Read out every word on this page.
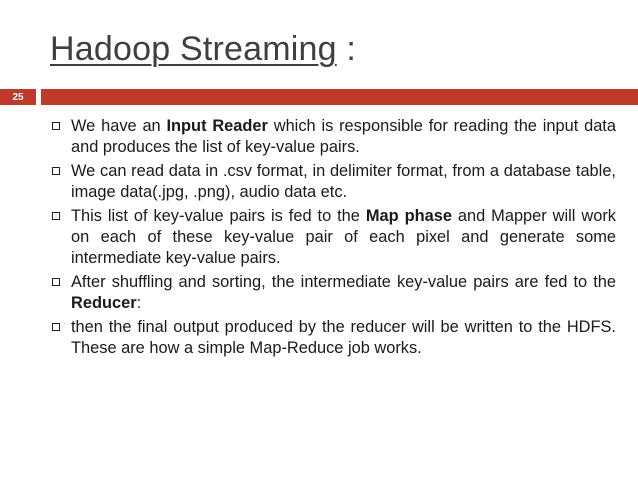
Hadoop Streaming :
25
We have an Input Reader which is responsible for reading the input data and produces the list of key-value pairs.
We can read data in .csv format, in delimiter format, from a database table, image data(.jpg, .png), audio data etc.
This list of key-value pairs is fed to the Map phase and Mapper will work on each of these key-value pair of each pixel and generate some intermediate key-value pairs.
After shuffling and sorting, the intermediate key-value pairs are fed to the Reducer:
then the final output produced by the reducer will be written to the HDFS. These are how a simple Map-Reduce job works.
